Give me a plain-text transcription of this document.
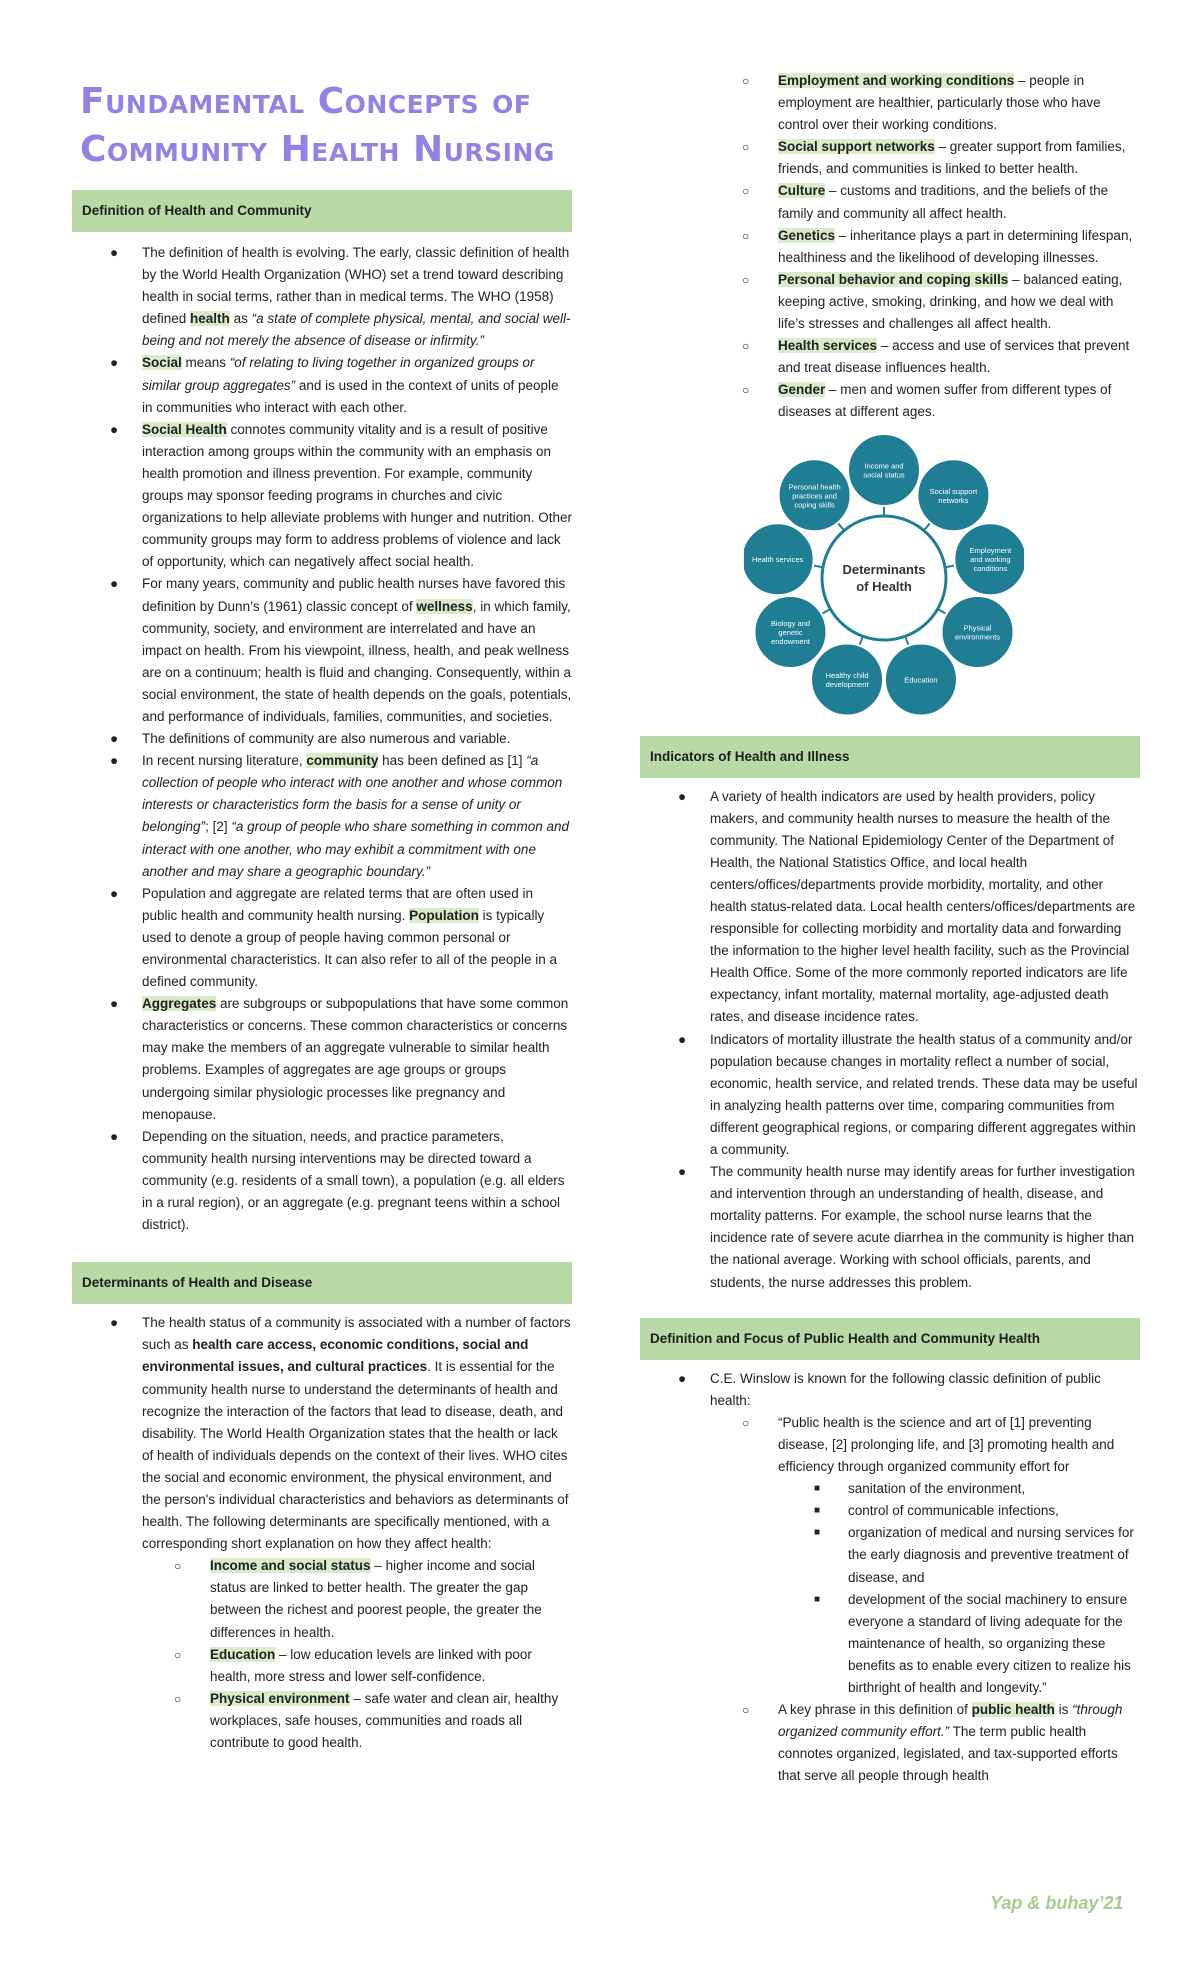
Fundamental Concepts of Community Health Nursing
Definition of Health and Community
● The definition of health is evolving. The early, classic definition of health by the World Health Organization (WHO) set a trend toward describing health in social terms, rather than in medical terms. The WHO (1958) defined health as “a state of complete physical, mental, and social well-being and not merely the absence of disease or infirmity.”
● Social means “of relating to living together in organized groups or similar group aggregates” and is used in the context of units of people in communities who interact with each other.
● Social Health connotes community vitality and is a result of positive interaction among groups within the community with an emphasis on health promotion and illness prevention. For example, community groups may sponsor feeding programs in churches and civic organizations to help alleviate problems with hunger and nutrition. Other community groups may form to address problems of violence and lack of opportunity, which can negatively affect social health.
● For many years, community and public health nurses have favored this definition by Dunn’s (1961) classic concept of wellness, in which family, community, society, and environment are interrelated and have an impact on health. From his viewpoint, illness, health, and peak wellness are on a continuum; health is fluid and changing. Consequently, within a social environment, the state of health depends on the goals, potentials, and performance of individuals, families, communities, and societies.
● The definitions of community are also numerous and variable.
● In recent nursing literature, community has been defined as [1] “a collection of people who interact with one another and whose common interests or characteristics form the basis for a sense of unity or belonging”; [2] “a group of people who share something in common and interact with one another, who may exhibit a commitment with one another and may share a geographic boundary.”
● Population and aggregate are related terms that are often used in public health and community health nursing. Population is typically used to denote a group of people having common personal or environmental characteristics. It can also refer to all of the people in a defined community.
● Aggregates are subgroups or subpopulations that have some common characteristics or concerns. These common characteristics or concerns may make the members of an aggregate vulnerable to similar health problems. Examples of aggregates are age groups or groups undergoing similar physiologic processes like pregnancy and menopause.
● Depending on the situation, needs, and practice parameters, community health nursing interventions may be directed toward a community (e.g. residents of a small town), a population (e.g. all elders in a rural region), or an aggregate (e.g. pregnant teens within a school district).
Determinants of Health and Disease
● The health status of a community is associated with a number of factors such as health care access, economic conditions, social and environmental issues, and cultural practices. It is essential for the community health nurse to understand the determinants of health and recognize the interaction of the factors that lead to disease, death, and disability. The World Health Organization states that the health or lack of health of individuals depends on the context of their lives. WHO cites the social and economic environment, the physical environment, and the person's individual characteristics and behaviors as determinants of health. The following determinants are specifically mentioned, with a corresponding short explanation on how they affect health:
○ Income and social status – higher income and social status are linked to better health. The greater the gap between the richest and poorest people, the greater the differences in health.
○ Education – low education levels are linked with poor health, more stress and lower self-confidence.
○ Physical environment – safe water and clean air, healthy workplaces, safe houses, communities and roads all contribute to good health.
○ Employment and working conditions – people in employment are healthier, particularly those who have control over their working conditions.
○ Social support networks – greater support from families, friends, and communities is linked to better health.
○ Culture – customs and traditions, and the beliefs of the family and community all affect health.
○ Genetics – inheritance plays a part in determining lifespan, healthiness and the likelihood of developing illnesses.
○ Personal behavior and coping skills – balanced eating, keeping active, smoking, drinking, and how we deal with life’s stresses and challenges all affect health.
○ Health services – access and use of services that prevent and treat disease influences health.
○ Gender – men and women suffer from different types of diseases at different ages.
Income and
social status
Social support
networks
Employment
and working
conditions
Physical
environments
Education
Healthy child
development
Biology and
genetic
endowment
Health services
Personal health
practices and
coping skills
Determinants
of Health
Indicators of Health and Illness
● A variety of health indicators are used by health providers, policy makers, and community health nurses to measure the health of the community. The National Epidemiology Center of the Department of Health, the National Statistics Office, and local health centers/offices/departments provide morbidity, mortality, and other health status-related data. Local health centers/offices/departments are responsible for collecting morbidity and mortality data and forwarding the information to the higher level health facility, such as the Provincial Health Office. Some of the more commonly reported indicators are life expectancy, infant mortality, maternal mortality, age-adjusted death rates, and disease incidence rates.
● Indicators of mortality illustrate the health status of a community and/or population because changes in mortality reflect a number of social, economic, health service, and related trends. These data may be useful in analyzing health patterns over time, comparing communities from different geographical regions, or comparing different aggregates within a community.
● The community health nurse may identify areas for further investigation and intervention through an understanding of health, disease, and mortality patterns. For example, the school nurse learns that the incidence rate of severe acute diarrhea in the community is higher than the national average. Working with school officials, parents, and students, the nurse addresses this problem.
Definition and Focus of Public Health and Community Health
● C.E. Winslow is known for the following classic definition of public health:
○ “Public health is the science and art of [1] preventing disease, [2] prolonging life, and [3] promoting health and efficiency through organized community effort for
■ sanitation of the environment,
■ control of communicable infections,
■ organization of medical and nursing services for the early diagnosis and preventive treatment of disease, and
■ development of the social machinery to ensure everyone a standard of living adequate for the maintenance of health, so organizing these benefits as to enable every citizen to realize his birthright of health and longevity.”
○ A key phrase in this definition of public health is “through organized community effort.” The term public health connotes organized, legislated, and tax-supported efforts that serve all people through health
Yap & buhay’21
